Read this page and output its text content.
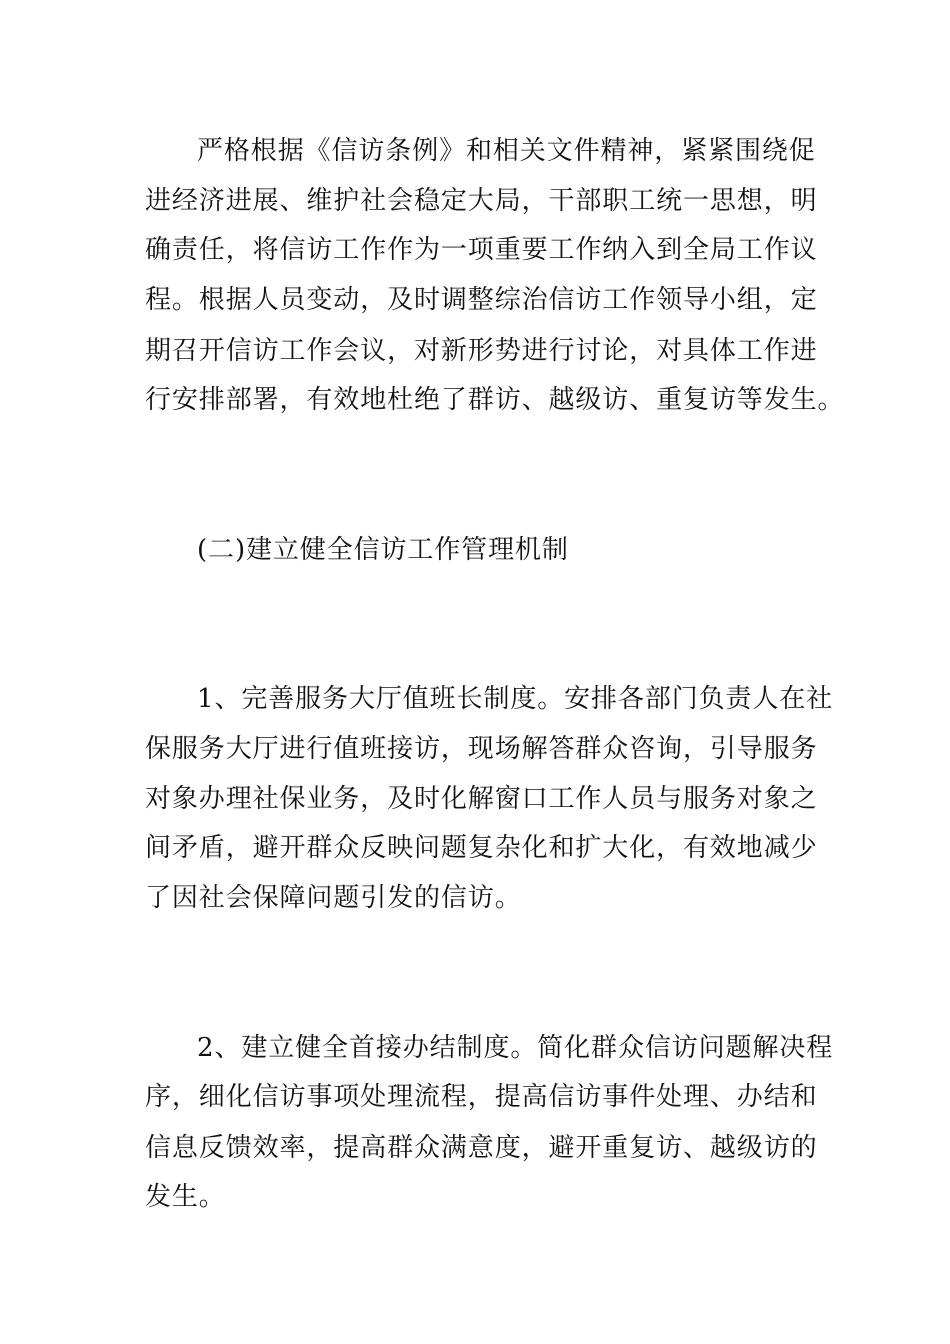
严格根据《信访条例》和相关文件精神，紧紧围绕促
进经济进展、维护社会稳定大局，干部职工统一思想，明
确责任，将信访工作作为一项重要工作纳入到全局工作议
程。根据人员变动，及时调整综治信访工作领导小组，定
期召开信访工作会议，对新形势进行讨论，对具体工作进
行安排部署，有效地杜绝了群访、越级访、重复访等发生。
(二)建立健全信访工作管理机制
1、完善服务大厅值班长制度。安排各部门负责人在社
保服务大厅进行值班接访，现场解答群众咨询，引导服务
对象办理社保业务，及时化解窗口工作人员与服务对象之
间矛盾，避开群众反映问题复杂化和扩大化，有效地减少
了因社会保障问题引发的信访。
2、建立健全首接办结制度。简化群众信访问题解决程
序，细化信访事项处理流程，提高信访事件处理、办结和
信息反馈效率，提高群众满意度，避开重复访、越级访的
发生。
